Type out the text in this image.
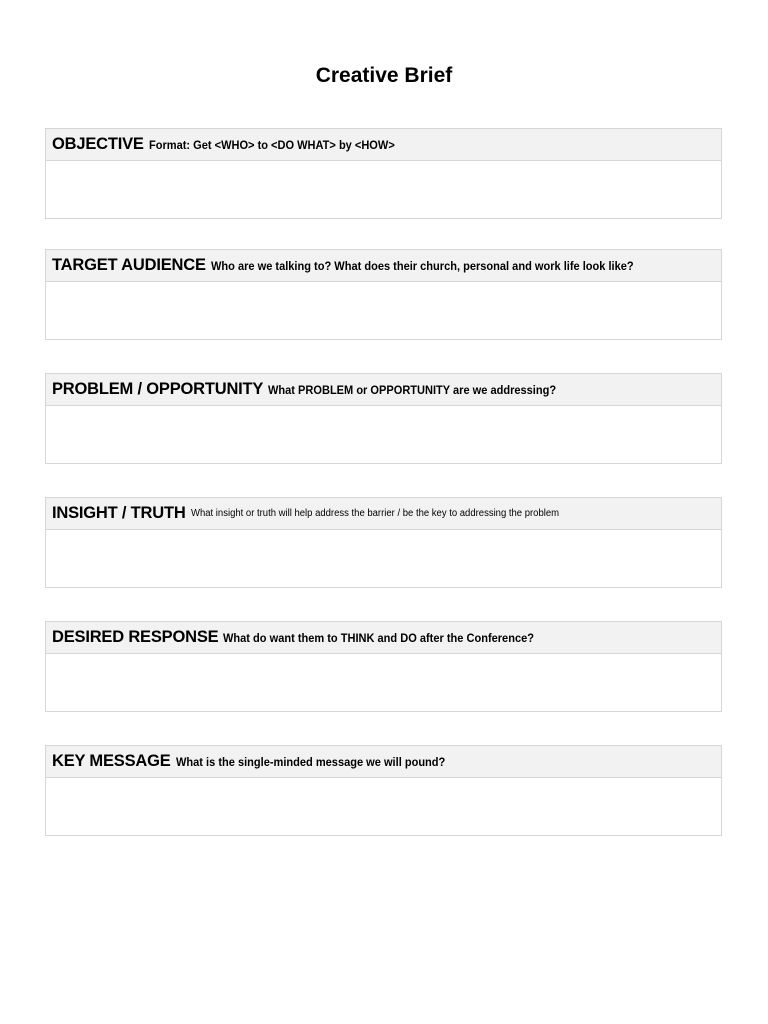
Creative Brief
OBJECTIVE Format: Get <WHO> to <DO WHAT> by <HOW>
TARGET AUDIENCE Who are we talking to? What does their church, personal and work life look like?
PROBLEM / OPPORTUNITY What PROBLEM or OPPORTUNITY are we addressing?
INSIGHT / TRUTH What insight or truth will help address the barrier / be the key to addressing the problem
DESIRED RESPONSE What do want them to THINK and DO after the Conference?
KEY MESSAGE What is the single-minded message we will pound?
